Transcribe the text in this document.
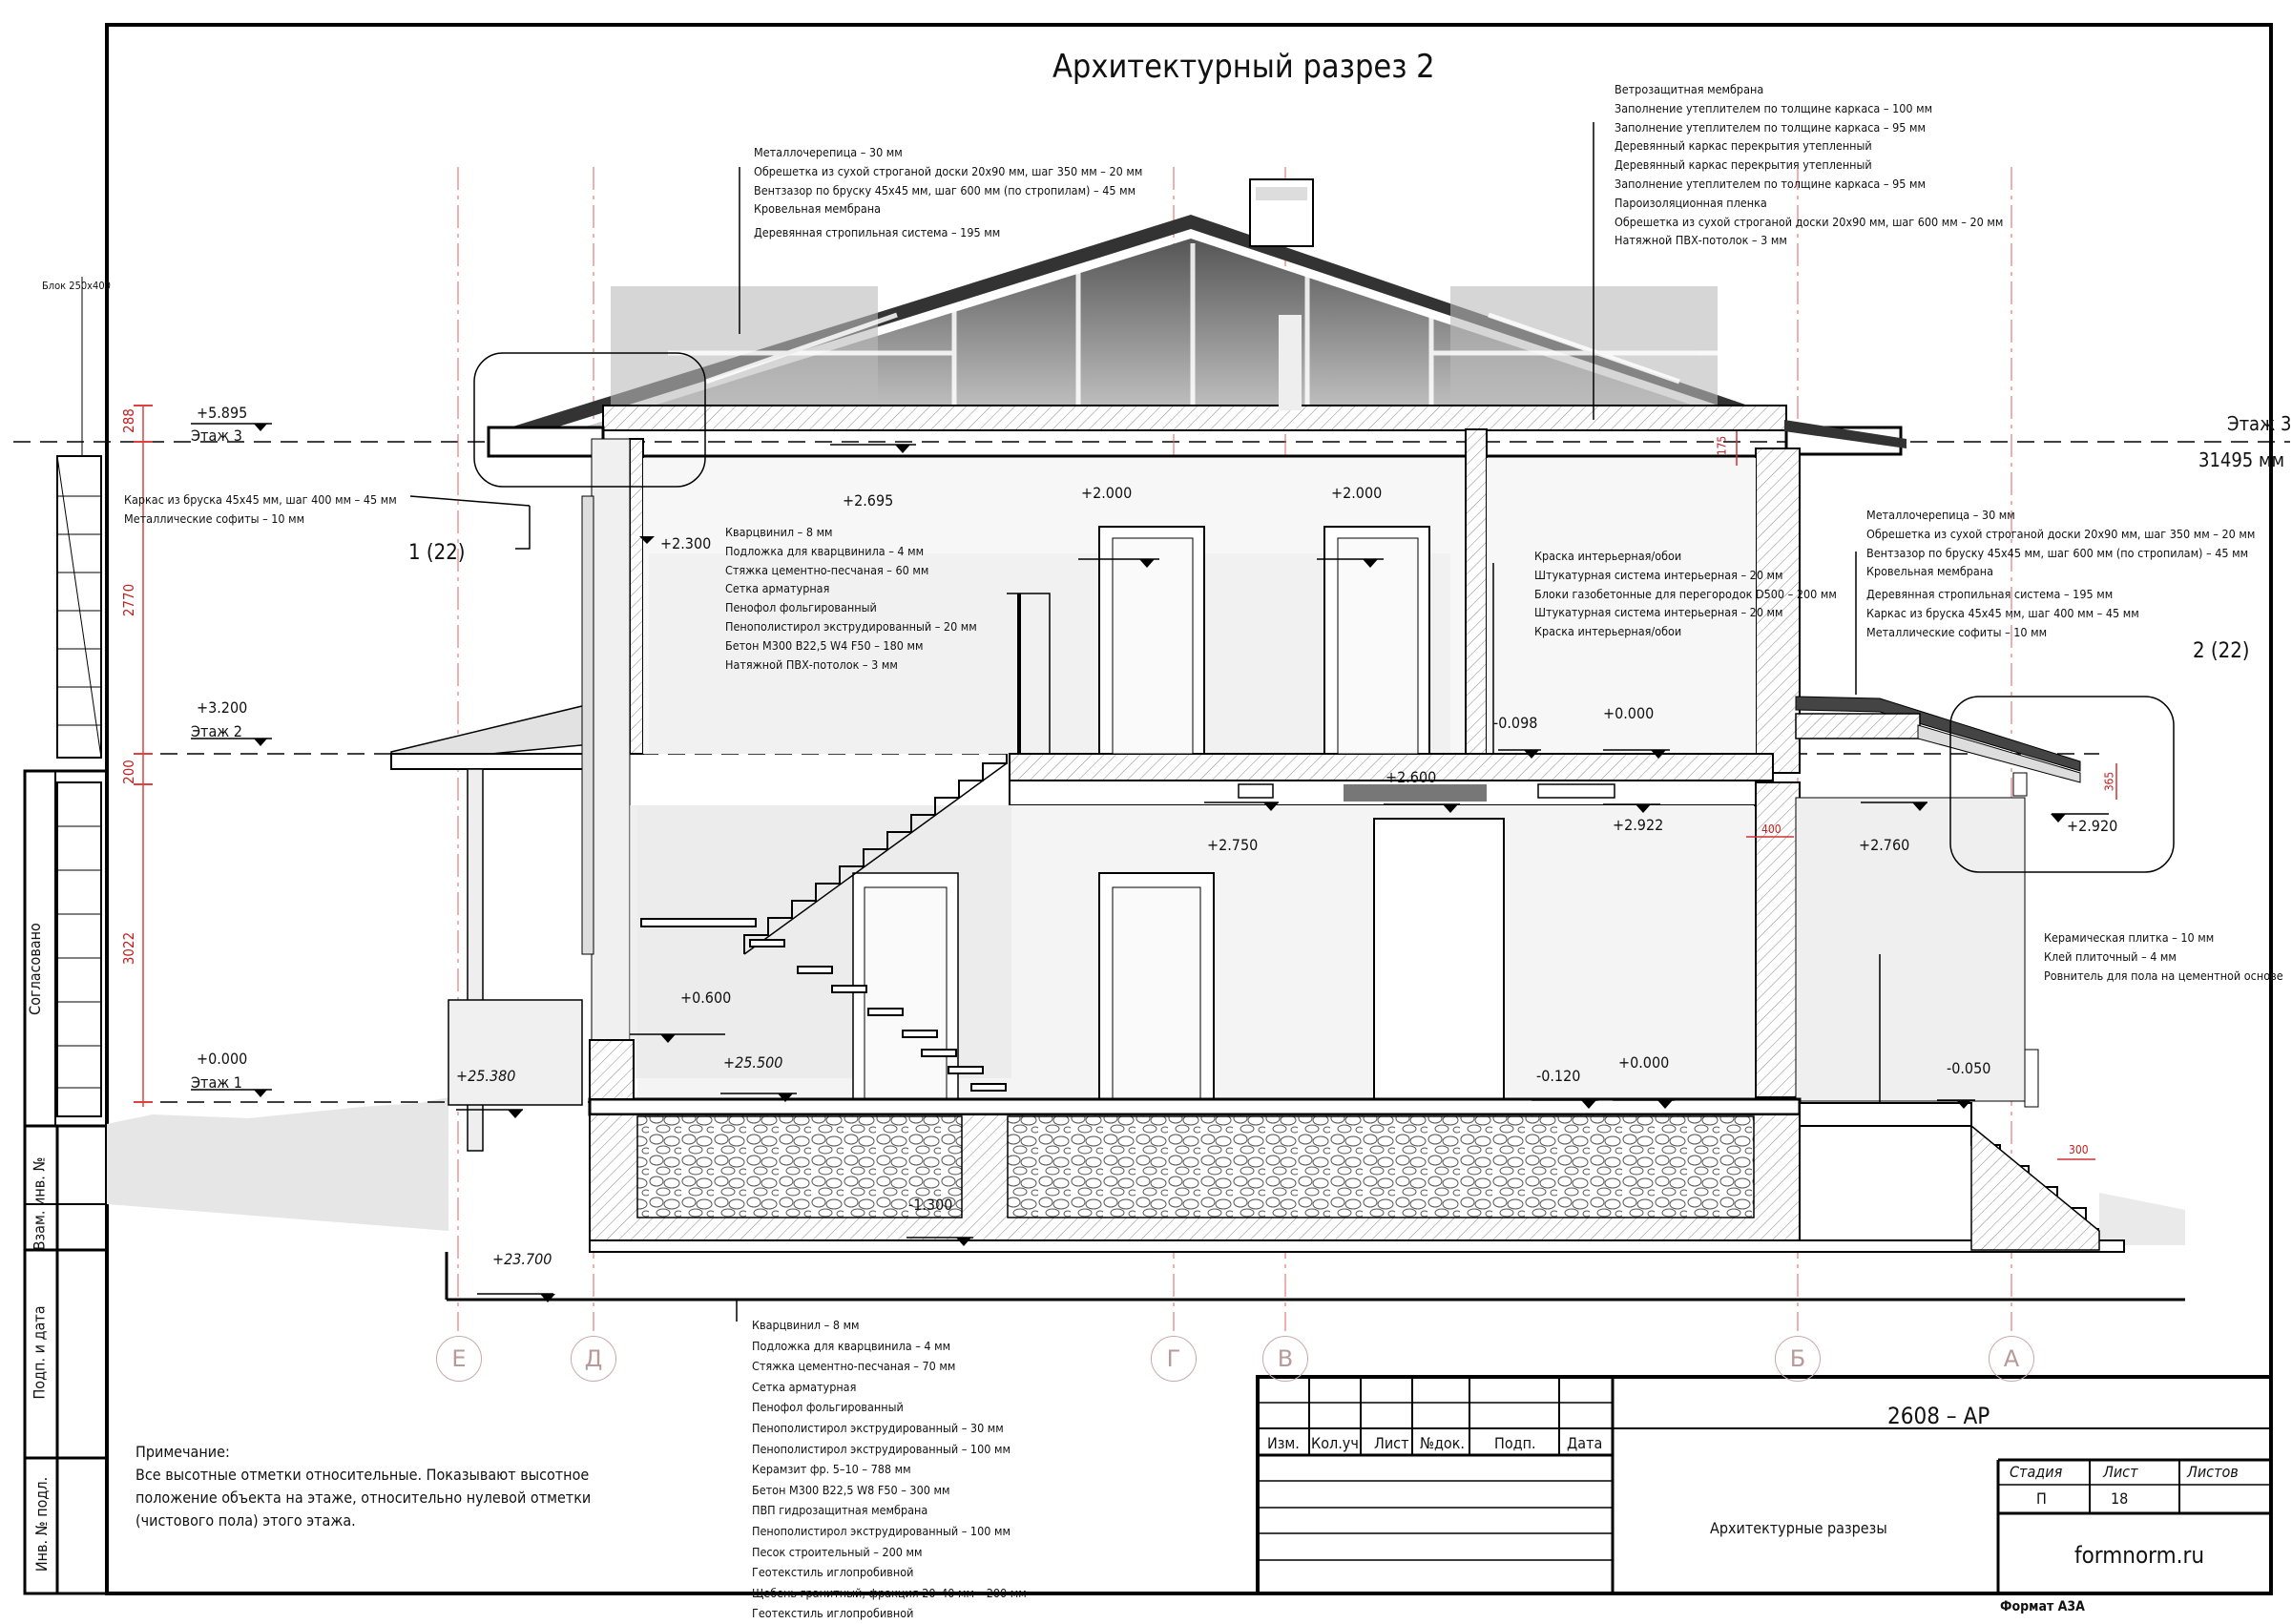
Архитектурный разрез 2
Блок 250х400
Металлочерепица – 30 мм
Обрешетка из сухой строганой доски 20х90 мм, шаг 350 мм – 20 мм
Вентзазор по бруску 45х45 мм, шаг 600 мм (по стропилам) – 45 мм
Кровельная мембрана
Деревянная стропильная система – 195 мм
Ветрозащитная мембрана
Заполнение утеплителем по толщине каркаса – 100 мм
Заполнение утеплителем по толщине каркаса – 95 мм
Деревянный каркас перекрытия утепленный
Деревянный каркас перекрытия утепленный
Заполнение утеплителем по толщине каркаса – 95 мм
Пароизоляционная пленка
Обрешетка из сухой строганой доски 20х90 мм, шаг 600 мм – 20 мм
Натяжной ПВХ-потолок – 3 мм
Каркас из бруска 45х45 мм, шаг 400 мм – 45 мм
Металлические софиты – 10 мм
Кварцвинил – 8 мм
Подложка для кварцвинила – 4 мм
Стяжка цементно-песчаная – 60 мм
Сетка арматурная
Пенофол фольгированный
Пенополистирол экструдированный – 20 мм
Бетон М300 В22,5 W4 F50 – 180 мм
Натяжной ПВХ-потолок – 3 мм
Краска интерьерная/обои
Штукатурная система интерьерная – 20 мм
Блоки газобетонные для перегородок D500 – 200 мм
Штукатурная система интерьерная – 20 мм
Краска интерьерная/обои
Металлочерепица – 30 мм
Обрешетка из сухой строганой доски 20х90 мм, шаг 350 мм – 20 мм
Вентзазор по бруску 45х45 мм, шаг 600 мм (по стропилам) – 45 мм
Кровельная мембрана
Деревянная стропильная система – 195 мм
Каркас из бруска 45х45 мм, шаг 400 мм – 45 мм
Металлические софиты – 10 мм
Керамическая плитка – 10 мм
Клей плиточный – 4 мм
Ровнитель для пола на цементной основе
Кварцвинил – 8 мм
Подложка для кварцвинила – 4 мм
Стяжка цементно-песчаная – 70 мм
Сетка арматурная
Пенофол фольгированный
Пенополистирол экструдированный – 30 мм
Пенополистирол экструдированный – 100 мм
Керамзит фр. 5–10 – 788 мм
Бетон М300 В22,5 W8 F50 – 300 мм
ПВП гидрозащитная мембрана
Пенополистирол экструдированный – 100 мм
Песок строительный – 200 мм
Геотекстиль иглопробивной
Щебень гранитный, фракция 20–40 мм – 200 мм
Геотекстиль иглопробивной
+5.895
Этаж 3
+3.200
Этаж 2
+0.000
Этаж 1
Этаж 3
31495 мм
288
2770
200
3022
+2.695
+2.300
+2.000	+2.000
-0.098
+0.000
+2.600
+2.922
+2.750	+2.760
+2.920
+0.600
+25.500
+25.380	-0.120
+0.000	-0.050
-1.300
+23.700
175
400
365
300
1 (22)
2 (22)
Е	Д	Г	В	Б	А
Примечание:
Все высотные отметки относительные. Показывают высотное
положение объекта на этаже, относительно нулевой отметки
(чистового пола) этого этажа.
Согласовано
Взам. инв. №
Подп. и дата
Инв. № подл.
2608 – АР
Изм. Кол.уч. Лист №док. Подп. Дата
Архитектурные разрезы
Стадия	Лист	Листов
П	18
formnorm.ru
Формат А3А
